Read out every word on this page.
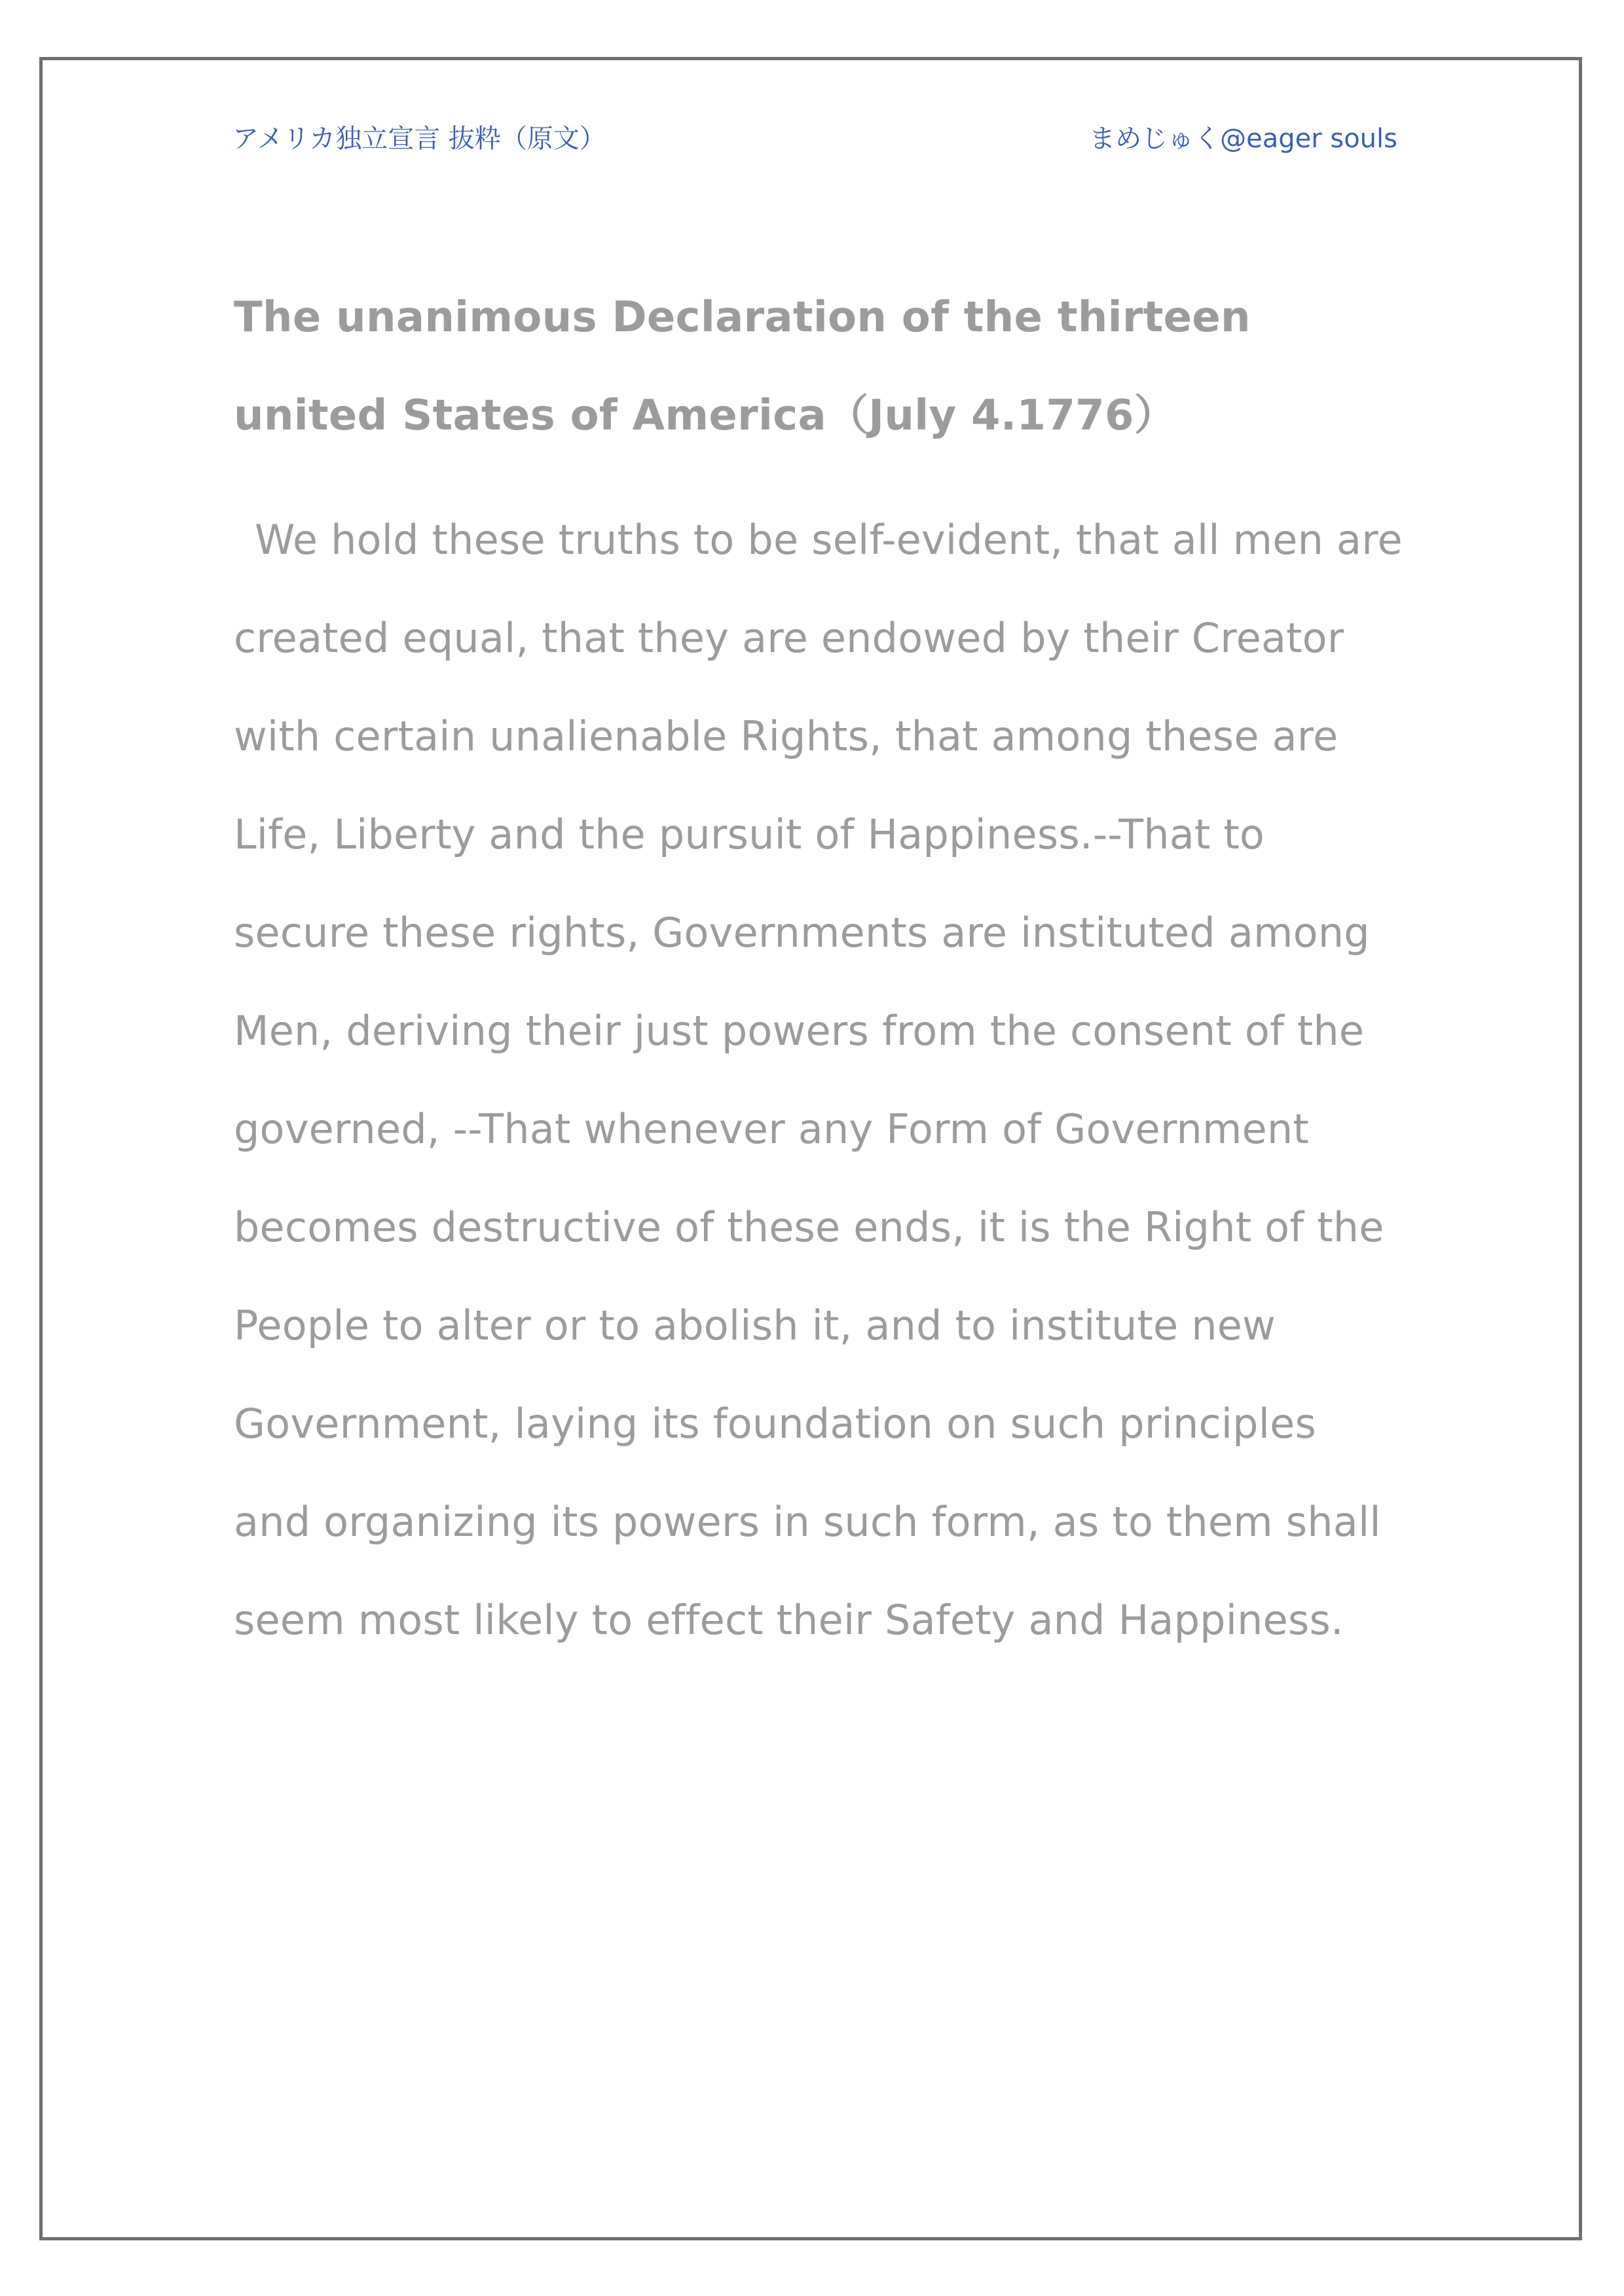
アメリカ独立宣言 抜粋（原文）	まめじゅく@eager souls
The unanimous Declaration of the thirteen united States of America（July 4.1776）

We hold these truths to be self-evident, that all men are created equal, that they are endowed by their Creator with certain unalienable Rights, that among these are Life, Liberty and the pursuit of Happiness.--That to secure these rights, Governments are instituted among Men, deriving their just powers from the consent of the governed, --That whenever any Form of Government becomes destructive of these ends, it is the Right of the People to alter or to abolish it, and to institute new Government, laying its foundation on such principles and organizing its powers in such form, as to them shall seem most likely to effect their Safety and Happiness.
